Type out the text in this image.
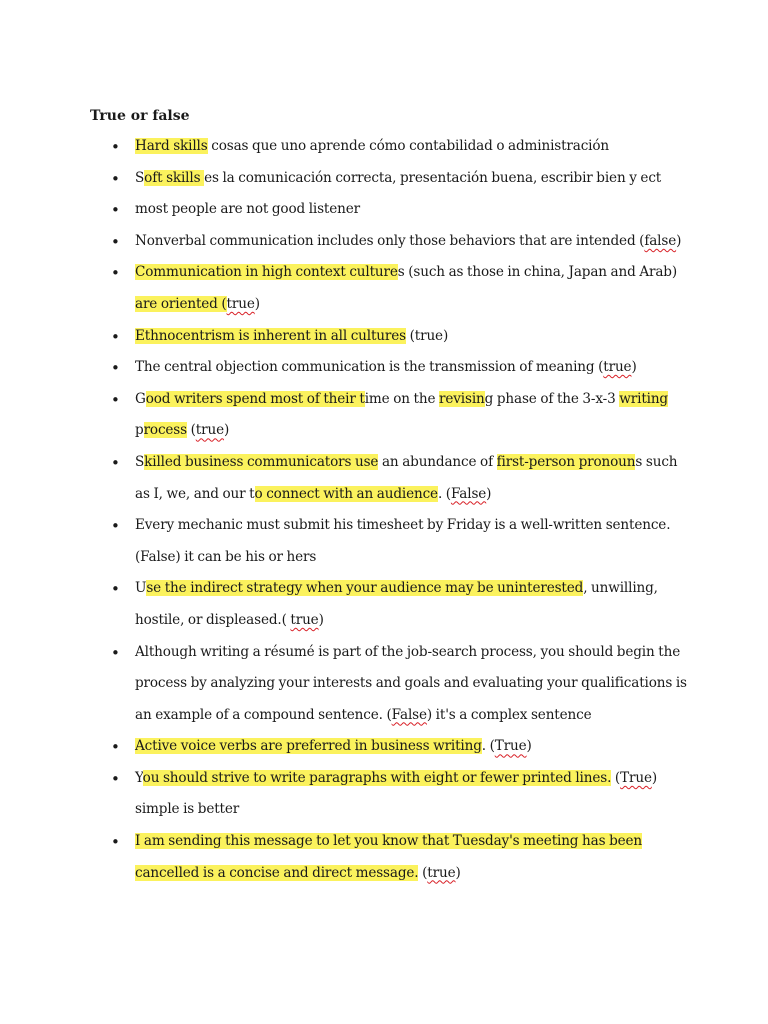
True or false
• Hard skills cosas que uno aprende cómo contabilidad o administración
• Soft skills es la comunicación correcta, presentación buena, escribir bien y ect
• most people are not good listener
• Nonverbal communication includes only those behaviors that are intended (false)
• Communication in high context cultures (such as those in china, Japan and Arab) are oriented (true)
• Ethnocentrism is inherent in all cultures (true)
• The central objection communication is the transmission of meaning (true)
• Good writers spend most of their time on the revising phase of the 3-x-3 writing process (true)
• Skilled business communicators use an abundance of first-person pronouns such as I, we, and our to connect with an audience. (False)
• Every mechanic must submit his timesheet by Friday is a well-written sentence. (False) it can be his or hers
• Use the indirect strategy when your audience may be uninterested, unwilling, hostile, or displeased.( true)
• Although writing a résumé is part of the job-search process, you should begin the process by analyzing your interests and goals and evaluating your qualifications is an example of a compound sentence. (False) it's a complex sentence
• Active voice verbs are preferred in business writing. (True)
• You should strive to write paragraphs with eight or fewer printed lines. (True) simple is better
• I am sending this message to let you know that Tuesday's meeting has been cancelled is a concise and direct message. (true)
